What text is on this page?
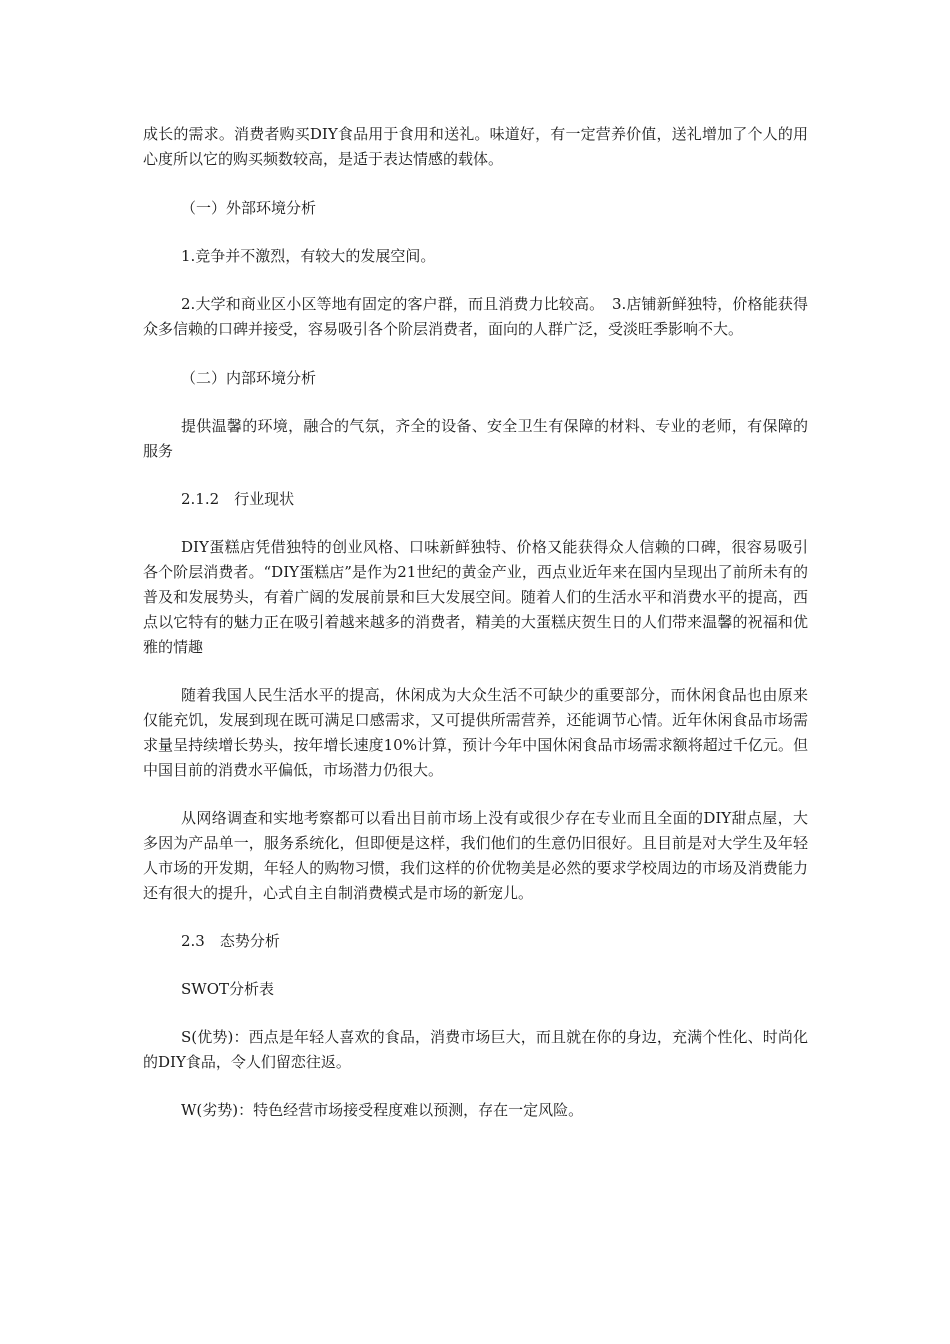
成长的需求。消费者购买DIY食品用于食用和送礼。味道好，有一定营养价值，送礼增加了个人的用心度所以它的购买频数较高，是适于表达情感的载体。

（一）外部环境分析

1.竞争并不激烈，有较大的发展空间。

2.大学和商业区小区等地有固定的客户群，而且消费力比较高。　3.店铺新鲜独特，价格能获得众多信赖的口碑并接受，容易吸引各个阶层消费者，面向的人群广泛，受淡旺季影响不大。

（二）内部环境分析

提供温馨的环境，融合的气氛，齐全的设备、安全卫生有保障的材料、专业的老师，有保障的服务

2.1.2　行业现状

DIY蛋糕店凭借独特的创业风格、口味新鲜独特、价格又能获得众人信赖的口碑，很容易吸引各个阶层消费者。“DIY蛋糕店”是作为21世纪的黄金产业，西点业近年来在国内呈现出了前所未有的普及和发展势头，有着广阔的发展前景和巨大发展空间。随着人们的生活水平和消费水平的提高，西点以它特有的魅力正在吸引着越来越多的消费者，精美的大蛋糕庆贺生日的人们带来温馨的祝福和优雅的情趣

随着我国人民生活水平的提高，休闲成为大众生活不可缺少的重要部分，而休闲食品也由原来仅能充饥，发展到现在既可满足口感需求，又可提供所需营养，还能调节心情。近年休闲食品市场需求量呈持续增长势头，按年增长速度10%计算，预计今年中国休闲食品市场需求额将超过千亿元。但中国目前的消费水平偏低，市场潜力仍很大。

从网络调查和实地考察都可以看出目前市场上没有或很少存在专业而且全面的DIY甜点屋，大多因为产品单一，服务系统化，但即便是这样，我们他们的生意仍旧很好。且目前是对大学生及年轻人市场的开发期，年轻人的购物习惯，我们这样的价优物美是必然的要求学校周边的市场及消费能力还有很大的提升，心式自主自制消费模式是市场的新宠儿。

2.3　态势分析

SWOT分析表

S(优势)：西点是年轻人喜欢的食品，消费市场巨大，而且就在你的身边，充满个性化、时尚化的DIY食品，令人们留恋往返。

W(劣势)：特色经营市场接受程度难以预测，存在一定风险。
